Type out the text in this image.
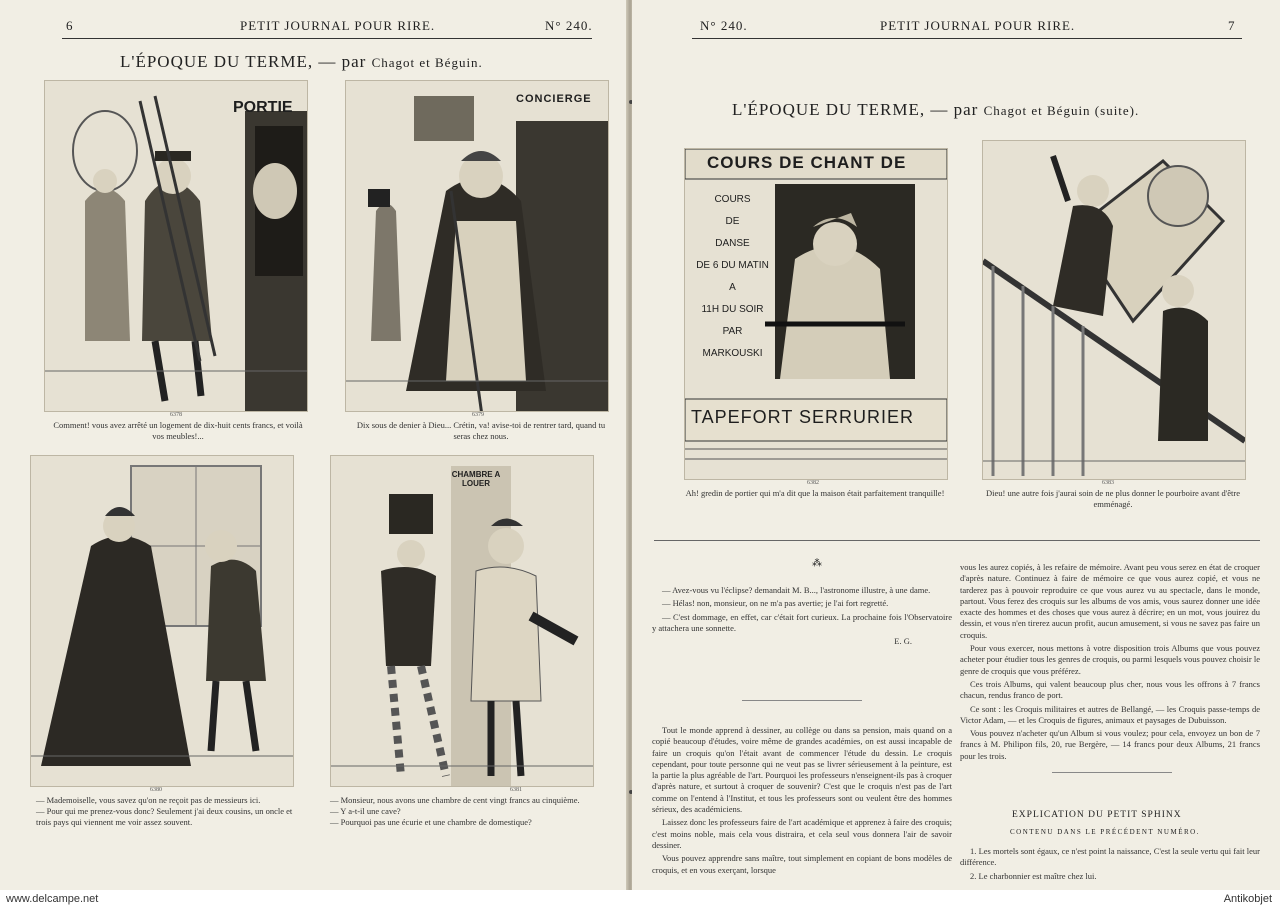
6	PETIT JOURNAL POUR RIRE.	N° 240.
L'ÉPOQUE DU TERME, — par Chagot et Béguin.
PORTIE
6378
Comment! vous avez arrêté un logement de dix-huit cents francs, et voilà vos meubles!...
CONCIERGE
6379
Dix sous de denier à Dieu... Crétin, va! avise-toi de rentrer tard, quand tu seras chez nous.
6380
— Mademoiselle, vous savez qu'on ne reçoit pas de messieurs ici.
— Pour qui me prenez-vous donc? Seulement j'ai deux cousins, un oncle et trois pays qui viennent me voir assez souvent.
CHAMBRE A LOUER
6381
— Monsieur, nous avons une chambre de cent vingt francs au cinquième.
— Y a-t-il une cave?
— Pourquoi pas une écurie et une chambre de domestique?
N° 240.	PETIT JOURNAL POUR RIRE.	7
L'ÉPOQUE DU TERME, — par Chagot et Béguin (suite).
COURS DE CHANT DE
COURS
DE
DANSE
DE 6 DU MATIN
A
11H DU SOIR
PAR
MARKOUSKI
TAPEFORT SERRURIER
6382
Ah! gredin de portier qui m'a dit que la maison était parfaitement tranquille!
6383
Dieu! une autre fois j'aurai soin de ne plus donner le pourboire avant d'être emménagé.
⁂

— Avez-vous vu l'éclipse? demandait M. B..., l'astronome illustre, à une dame.

— Hélas! non, monsieur, on ne m'a pas avertie; je l'ai fort regretté.

— C'est dommage, en effet, car c'était fort curieux. La prochaine fois l'Observatoire y attachera une sonnette.

E. G.

Tout le monde apprend à dessiner, au collège ou dans sa pension, mais quand on a copié beaucoup d'études, voire même de grandes académies, on est aussi incapable de faire un croquis qu'on l'était avant de commencer l'étude du dessin. Le croquis cependant, pour toute personne qui ne veut pas se livrer sérieusement à la peinture, est la partie la plus agréable de l'art. Pourquoi les professeurs n'enseignent-ils pas à croquer d'après nature, et surtout à croquer de souvenir? C'est que le croquis n'est pas de l'art comme on l'entend à l'Institut, et tous les professeurs sont ou veulent être des hommes sérieux, des académiciens.

Laissez donc les professeurs faire de l'art académique et apprenez à faire des croquis; c'est moins noble, mais cela vous distraira, et cela seul vous donnera l'air de savoir dessiner.

Vous pouvez apprendre sans maître, tout simplement en copiant de bons modèles de croquis, et en vous exerçant, lorsque

vous les aurez copiés, à les refaire de mémoire. Avant peu vous serez en état de croquer d'après nature. Continuez à faire de mémoire ce que vous aurez copié, et vous ne tarderez pas à pouvoir reproduire ce que vous aurez vu au spectacle, dans le monde, partout. Vous ferez des croquis sur les albums de vos amis, vous saurez donner une idée exacte des hommes et des choses que vous aurez à décrire; en un mot, vous jouirez du dessin, et vous n'en tirerez aucun profit, aucun amusement, si vous ne savez pas faire un croquis.

Pour vous exercer, nous mettons à votre disposition trois Albums que vous pouvez acheter pour étudier tous les genres de croquis, ou parmi lesquels vous pouvez choisir le genre de croquis que vous préférez.

Ces trois Albums, qui valent beaucoup plus cher, nous vous les offrons à 7 francs chacun, rendus franco de port.

Ce sont : les Croquis militaires et autres de Bellangé, — les Croquis passe-temps de Victor Adam, — et les Croquis de figures, animaux et paysages de Dubuisson.

Vous pouvez n'acheter qu'un Album si vous voulez; pour cela, envoyez un bon de 7 francs à M. Philipon fils, 20, rue Bergère, — 14 francs pour deux Albums, 21 francs pour les trois.

EXPLICATION DU PETIT SPHINX
CONTENU DANS LE PRÉCÉDENT NUMÉRO.

1. Les mortels sont égaux, ce n'est point la naissance, C'est la seule vertu qui fait leur différence.

2. Le charbonnier est maître chez lui.

www.delcampe.net	Antikobjet
